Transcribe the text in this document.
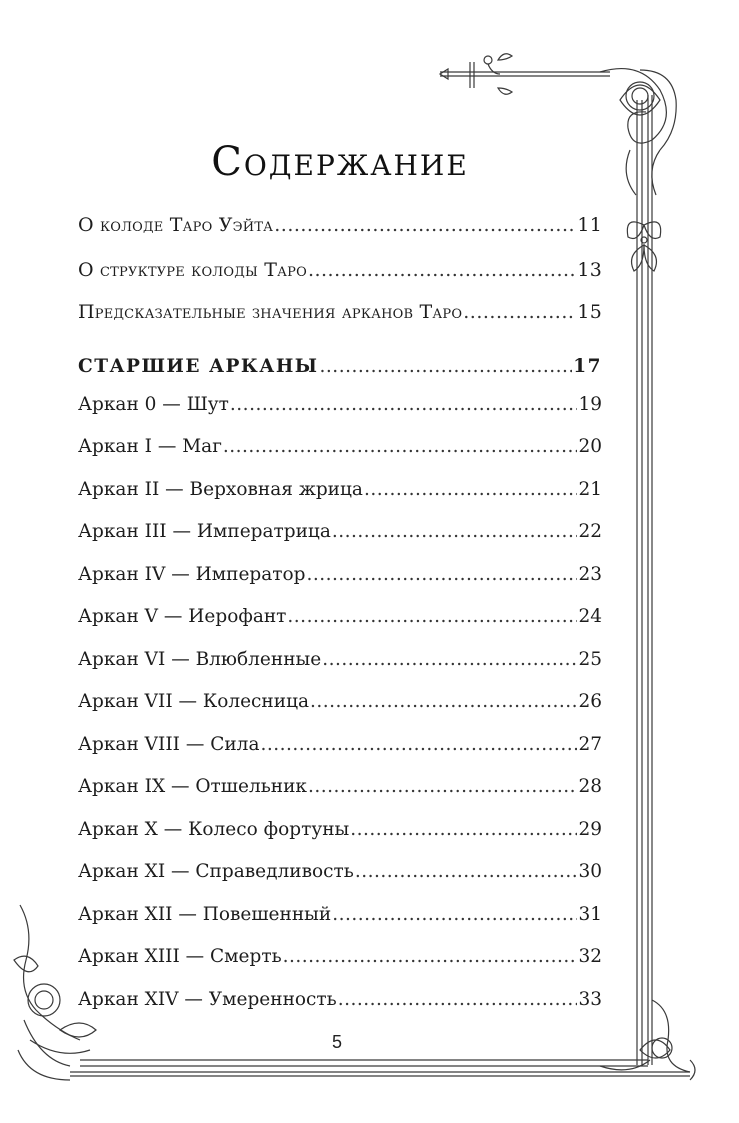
Содержание
О колоде Таро Уэйта .....	11
О структуре колоды Таро .....	13
Предсказательные значения арканов Таро .....	15
СТАРШИЕ АРКАНЫ .....	17
Аркан 0 — Шут .....	19
Аркан I — Маг .....	20
Аркан II — Верховная жрица .....	21
Аркан III — Императрица .....	22
Аркан IV — Император .....	23
Аркан V — Иерофант .....	24
Аркан VI — Влюбленные .....	25
Аркан VII — Колесница .....	26
Аркан VIII — Сила .....	27
Аркан IX — Отшельник .....	28
Аркан X — Колесо фортуны .....	29
Аркан XI — Справедливость .....	30
Аркан XII — Повешенный .....	31
Аркан XIII — Смерть .....	32
Аркан XIV — Умеренность .....	33
5
